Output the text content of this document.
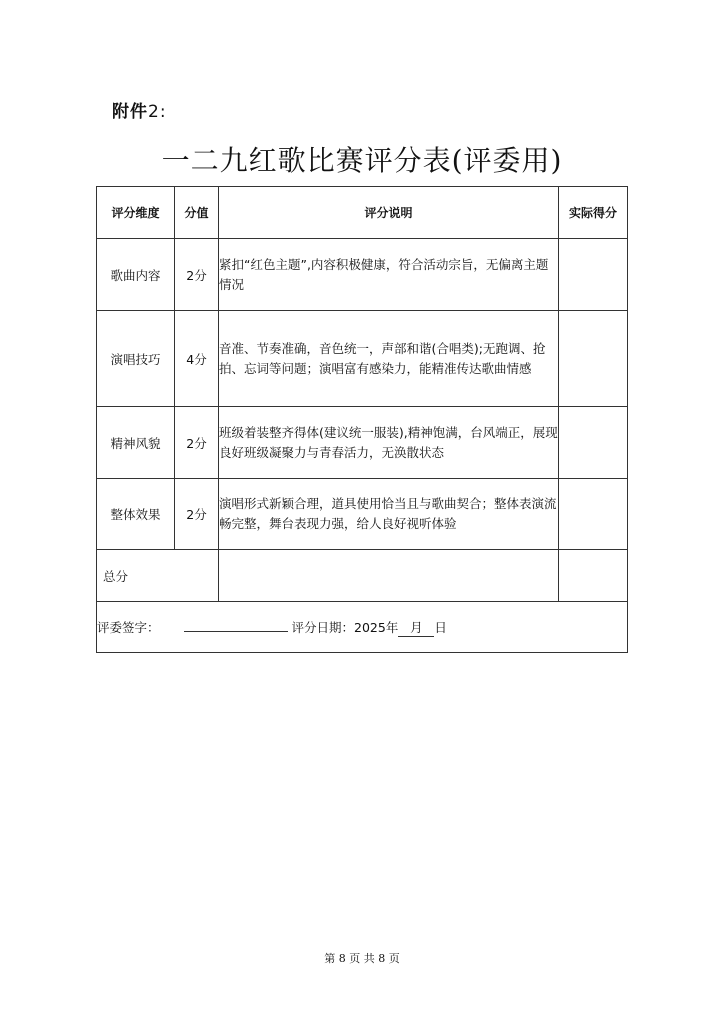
附件2:
一二九红歌比赛评分表(评委用)
评分维度	分值	评分说明	实际得分
歌曲内容	2分	紧扣“红色主题”,内容积极健康，符合活动宗旨，无偏离主题情况	
演唱技巧	4分	音准、节奏准确，音色统一，声部和谐(合唱类);无跑调、抢拍、忘词等问题；演唱富有感染力，能精准传达歌曲情感	
精神风貌	2分	班级着装整齐得体(建议统一服装),精神饱满，台风端正，展现良好班级凝聚力与青春活力，无涣散状态	
整体效果	2分	演唱形式新颖合理，道具使用恰当且与歌曲契合；整体表演流畅完整，舞台表现力强，给人良好视听体验	
总分			
评委签字： 评分日期：2025年 月 日			
第 8 页 共 8 页
